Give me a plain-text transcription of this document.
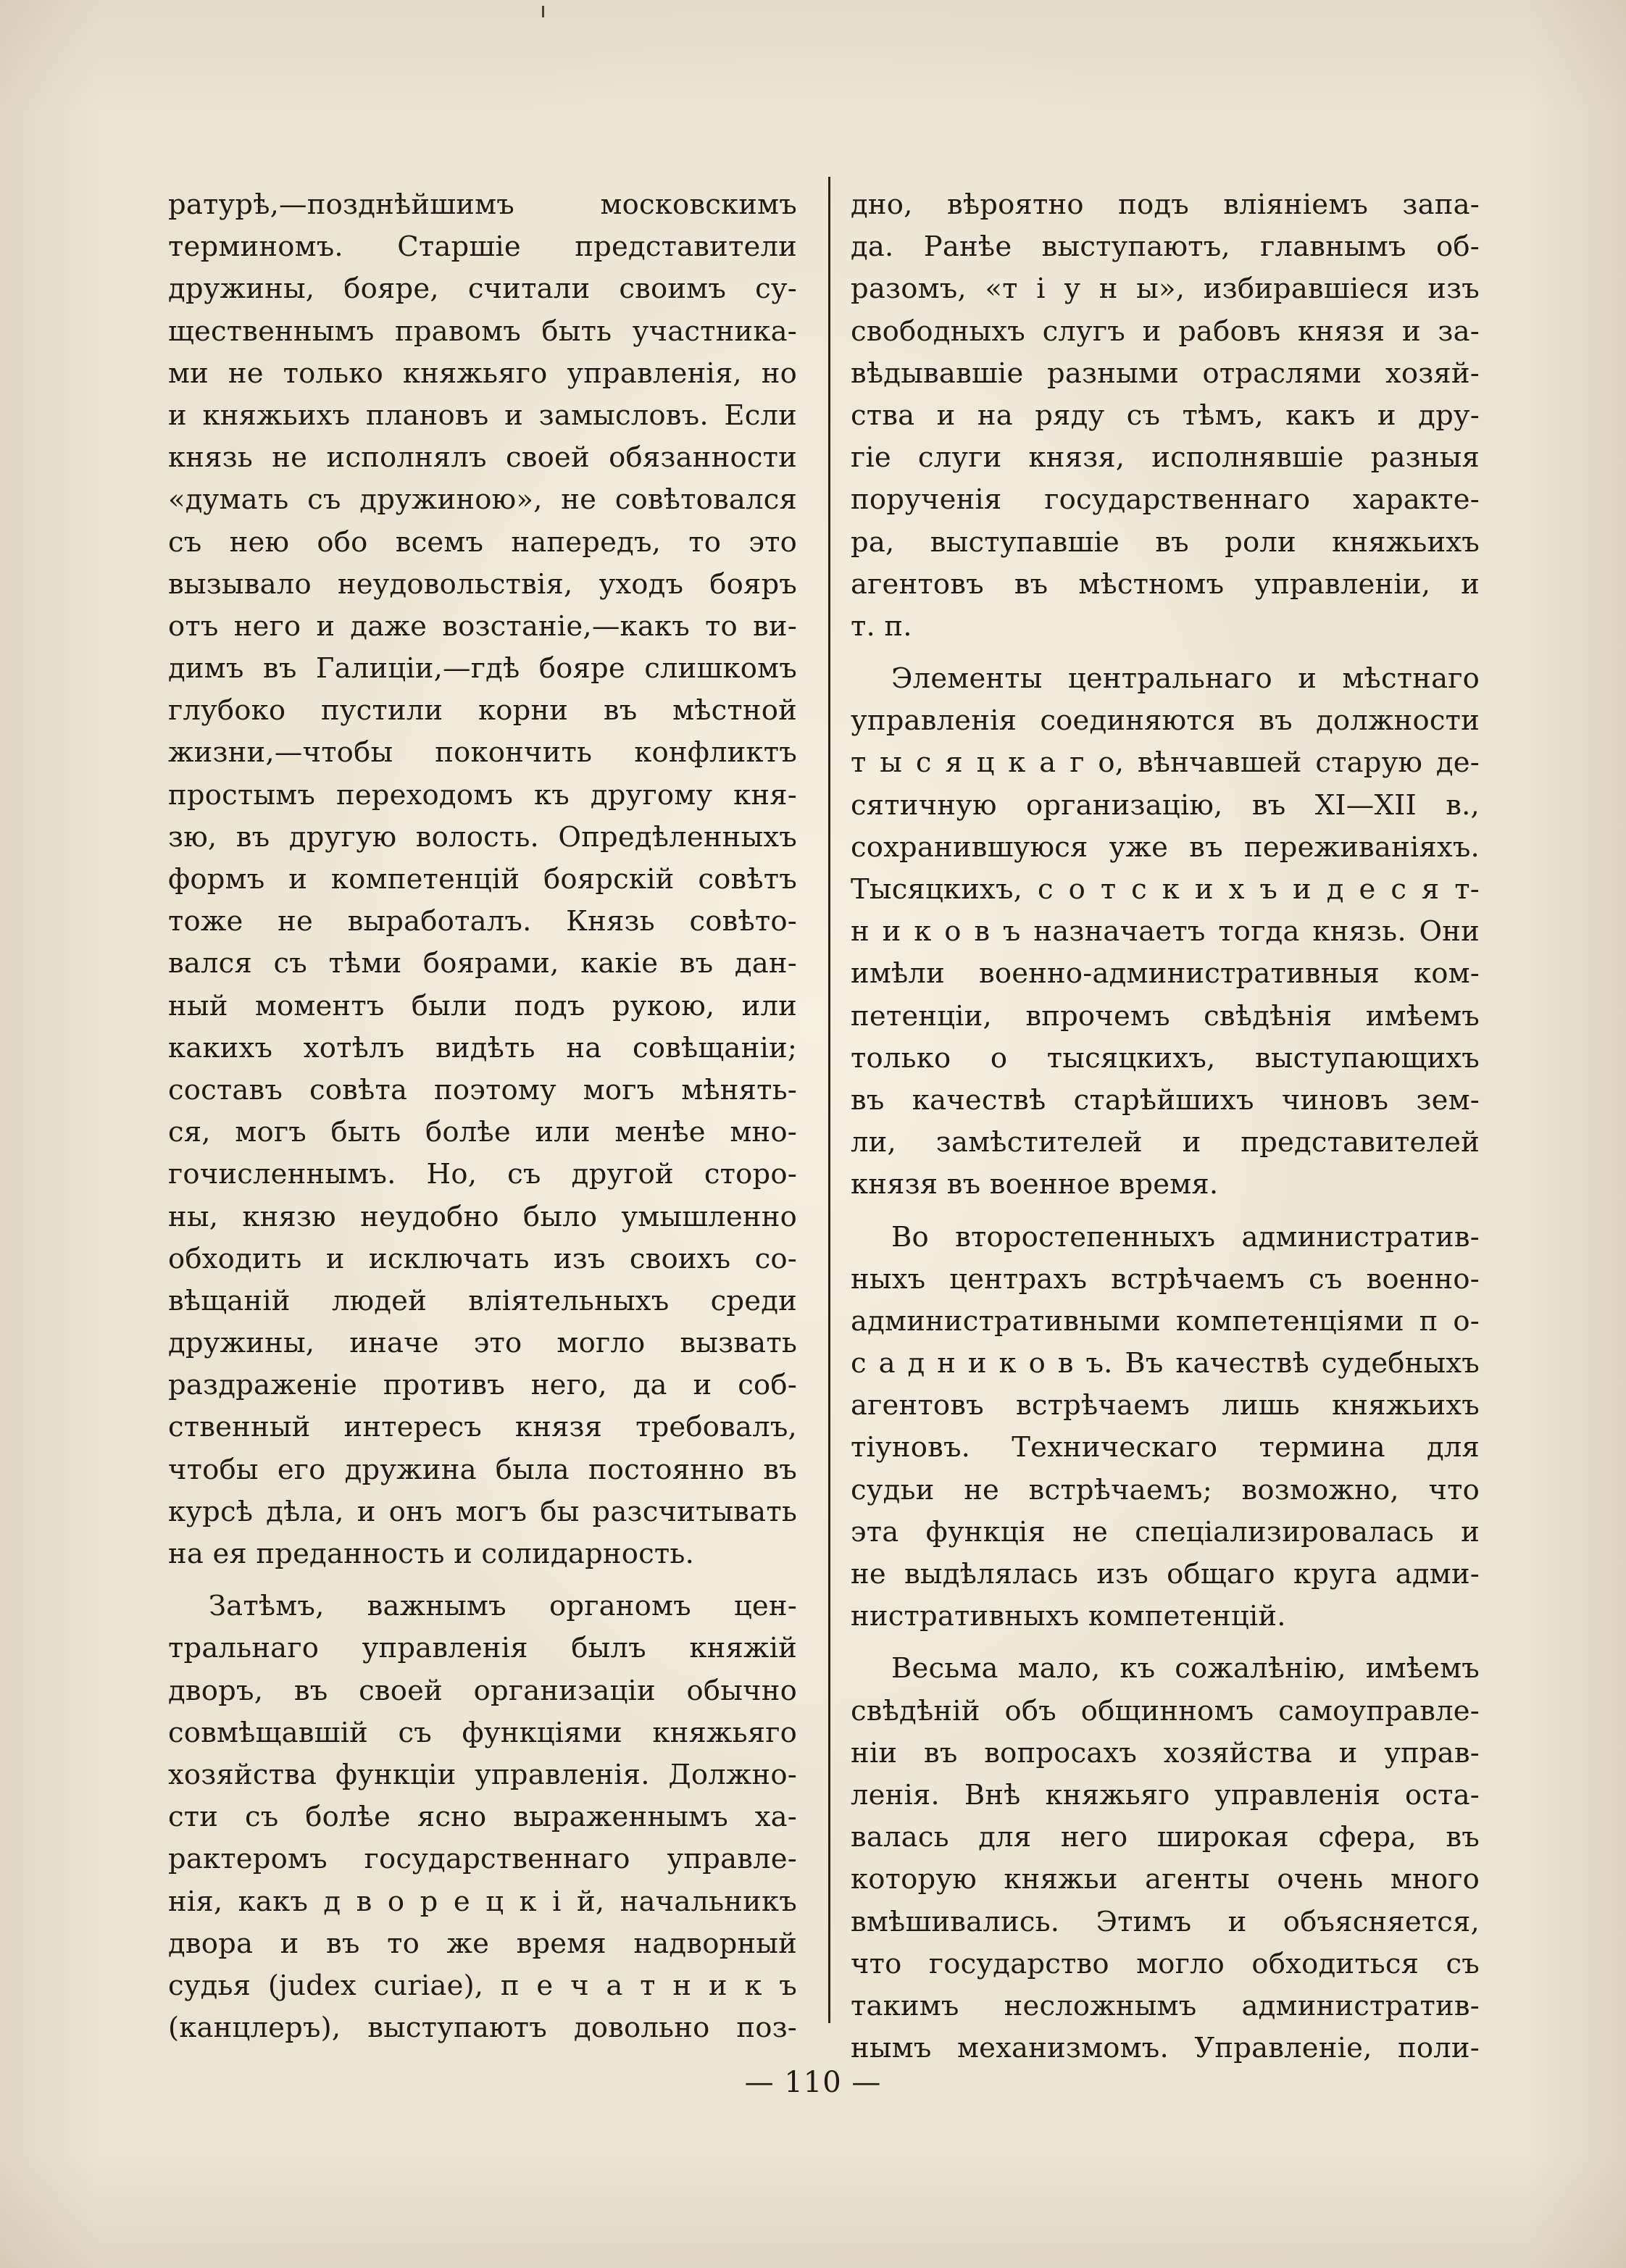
ратурѣ,—позднѣйшимъ московскимъ
терминомъ. Старшіе представители
дружины, бояре, считали своимъ су-
щественнымъ правомъ быть участника-
ми не только княжьяго управленія, но
и княжьихъ плановъ и замысловъ. Если
князь не исполнялъ своей обязанности
«думать съ дружиною», не совѣтовался
съ нею обо всемъ напередъ, то это
вызывало неудовольствія, уходъ бояръ
отъ него и даже возстаніе,—какъ то ви-
димъ въ Галиціи,—гдѣ бояре слишкомъ
глубоко пустили корни въ мѣстной
жизни,—чтобы покончить конфликтъ
простымъ переходомъ къ другому кня-
зю, въ другую волость. Опредѣленныхъ
формъ и компетенцій боярскій совѣтъ
тоже не выработалъ. Князь совѣто-
вался съ тѣми боярами, какіе въ дан-
ный моментъ были подъ рукою, или
какихъ хотѣлъ видѣть на совѣщаніи;
составъ совѣта поэтому могъ мѣнять-
ся, могъ быть болѣе или менѣе мно-
гочисленнымъ. Но, съ другой сторо-
ны, князю неудобно было умышленно
обходить и исключать изъ своихъ со-
вѣщаній людей вліятельныхъ среди
дружины, иначе это могло вызвать
раздраженіе противъ него, да и соб-
ственный интересъ князя требовалъ,
чтобы его дружина была постоянно въ
курсѣ дѣла, и онъ могъ бы разсчитывать
на ея преданность и солидарность.
Затѣмъ, важнымъ органомъ цен-
тральнаго управленія былъ княжій
дворъ, въ своей организаціи обычно
совмѣщавшій съ функціями княжьяго
хозяйства функціи управленія. Должно-
сти съ болѣе ясно выраженнымъ ха-
рактеромъ государственнаго управле-
нія, какъ д в о р е ц к і й, начальникъ
двора и въ то же время надворный
судья (judex curiae), п е ч а т н и к ъ
(канцлеръ), выступаютъ довольно поз-
дно, вѣроятно подъ вліяніемъ запа-
да. Ранѣе выступаютъ, главнымъ об-
разомъ, «т і у н ы», избиравшіеся изъ
свободныхъ слугъ и рабовъ князя и за-
вѣдывавшіе разными отраслями хозяй-
ства и на ряду съ тѣмъ, какъ и дру-
гіе слуги князя, исполнявшіе разныя
порученія государственнаго характе-
ра, выступавшіе въ роли княжьихъ
агентовъ въ мѣстномъ управленіи, и
т. п.
Элементы центральнаго и мѣстнаго
управленія соединяются въ должности
т ы с я ц к а г о, вѣнчавшей старую де-
сятичную организацію, въ XI—XII в.,
сохранившуюся уже въ переживаніяхъ.
Тысяцкихъ, с о т с к и х ъ и д е с я т-
н и к о в ъ назначаетъ тогда князь. Они
имѣли военно-административныя ком-
петенціи, впрочемъ свѣдѣнія имѣемъ
только о тысяцкихъ, выступающихъ
въ качествѣ старѣйшихъ чиновъ зем-
ли, замѣстителей и представителей
князя въ военное время.
Во второстепенныхъ административ-
ныхъ центрахъ встрѣчаемъ съ военно-
административными компетенціями п о-
с а д н и к о в ъ. Въ качествѣ судебныхъ
агентовъ встрѣчаемъ лишь княжьихъ
тіуновъ. Техническаго термина для
судьи не встрѣчаемъ; возможно, что
эта функція не спеціализировалась и
не выдѣлялась изъ общаго круга адми-
нистративныхъ компетенцій.
Весьма мало, къ сожалѣнію, имѣемъ
свѣдѣній объ общинномъ самоуправле-
ніи въ вопросахъ хозяйства и управ-
ленія. Внѣ княжьяго управленія оста-
валась для него широкая сфера, въ
которую княжьи агенты очень много
вмѣшивались. Этимъ и объясняется,
что государство могло обходиться съ
такимъ несложнымъ административ-
нымъ механизмомъ. Управленіе, поли-
— 110 —
